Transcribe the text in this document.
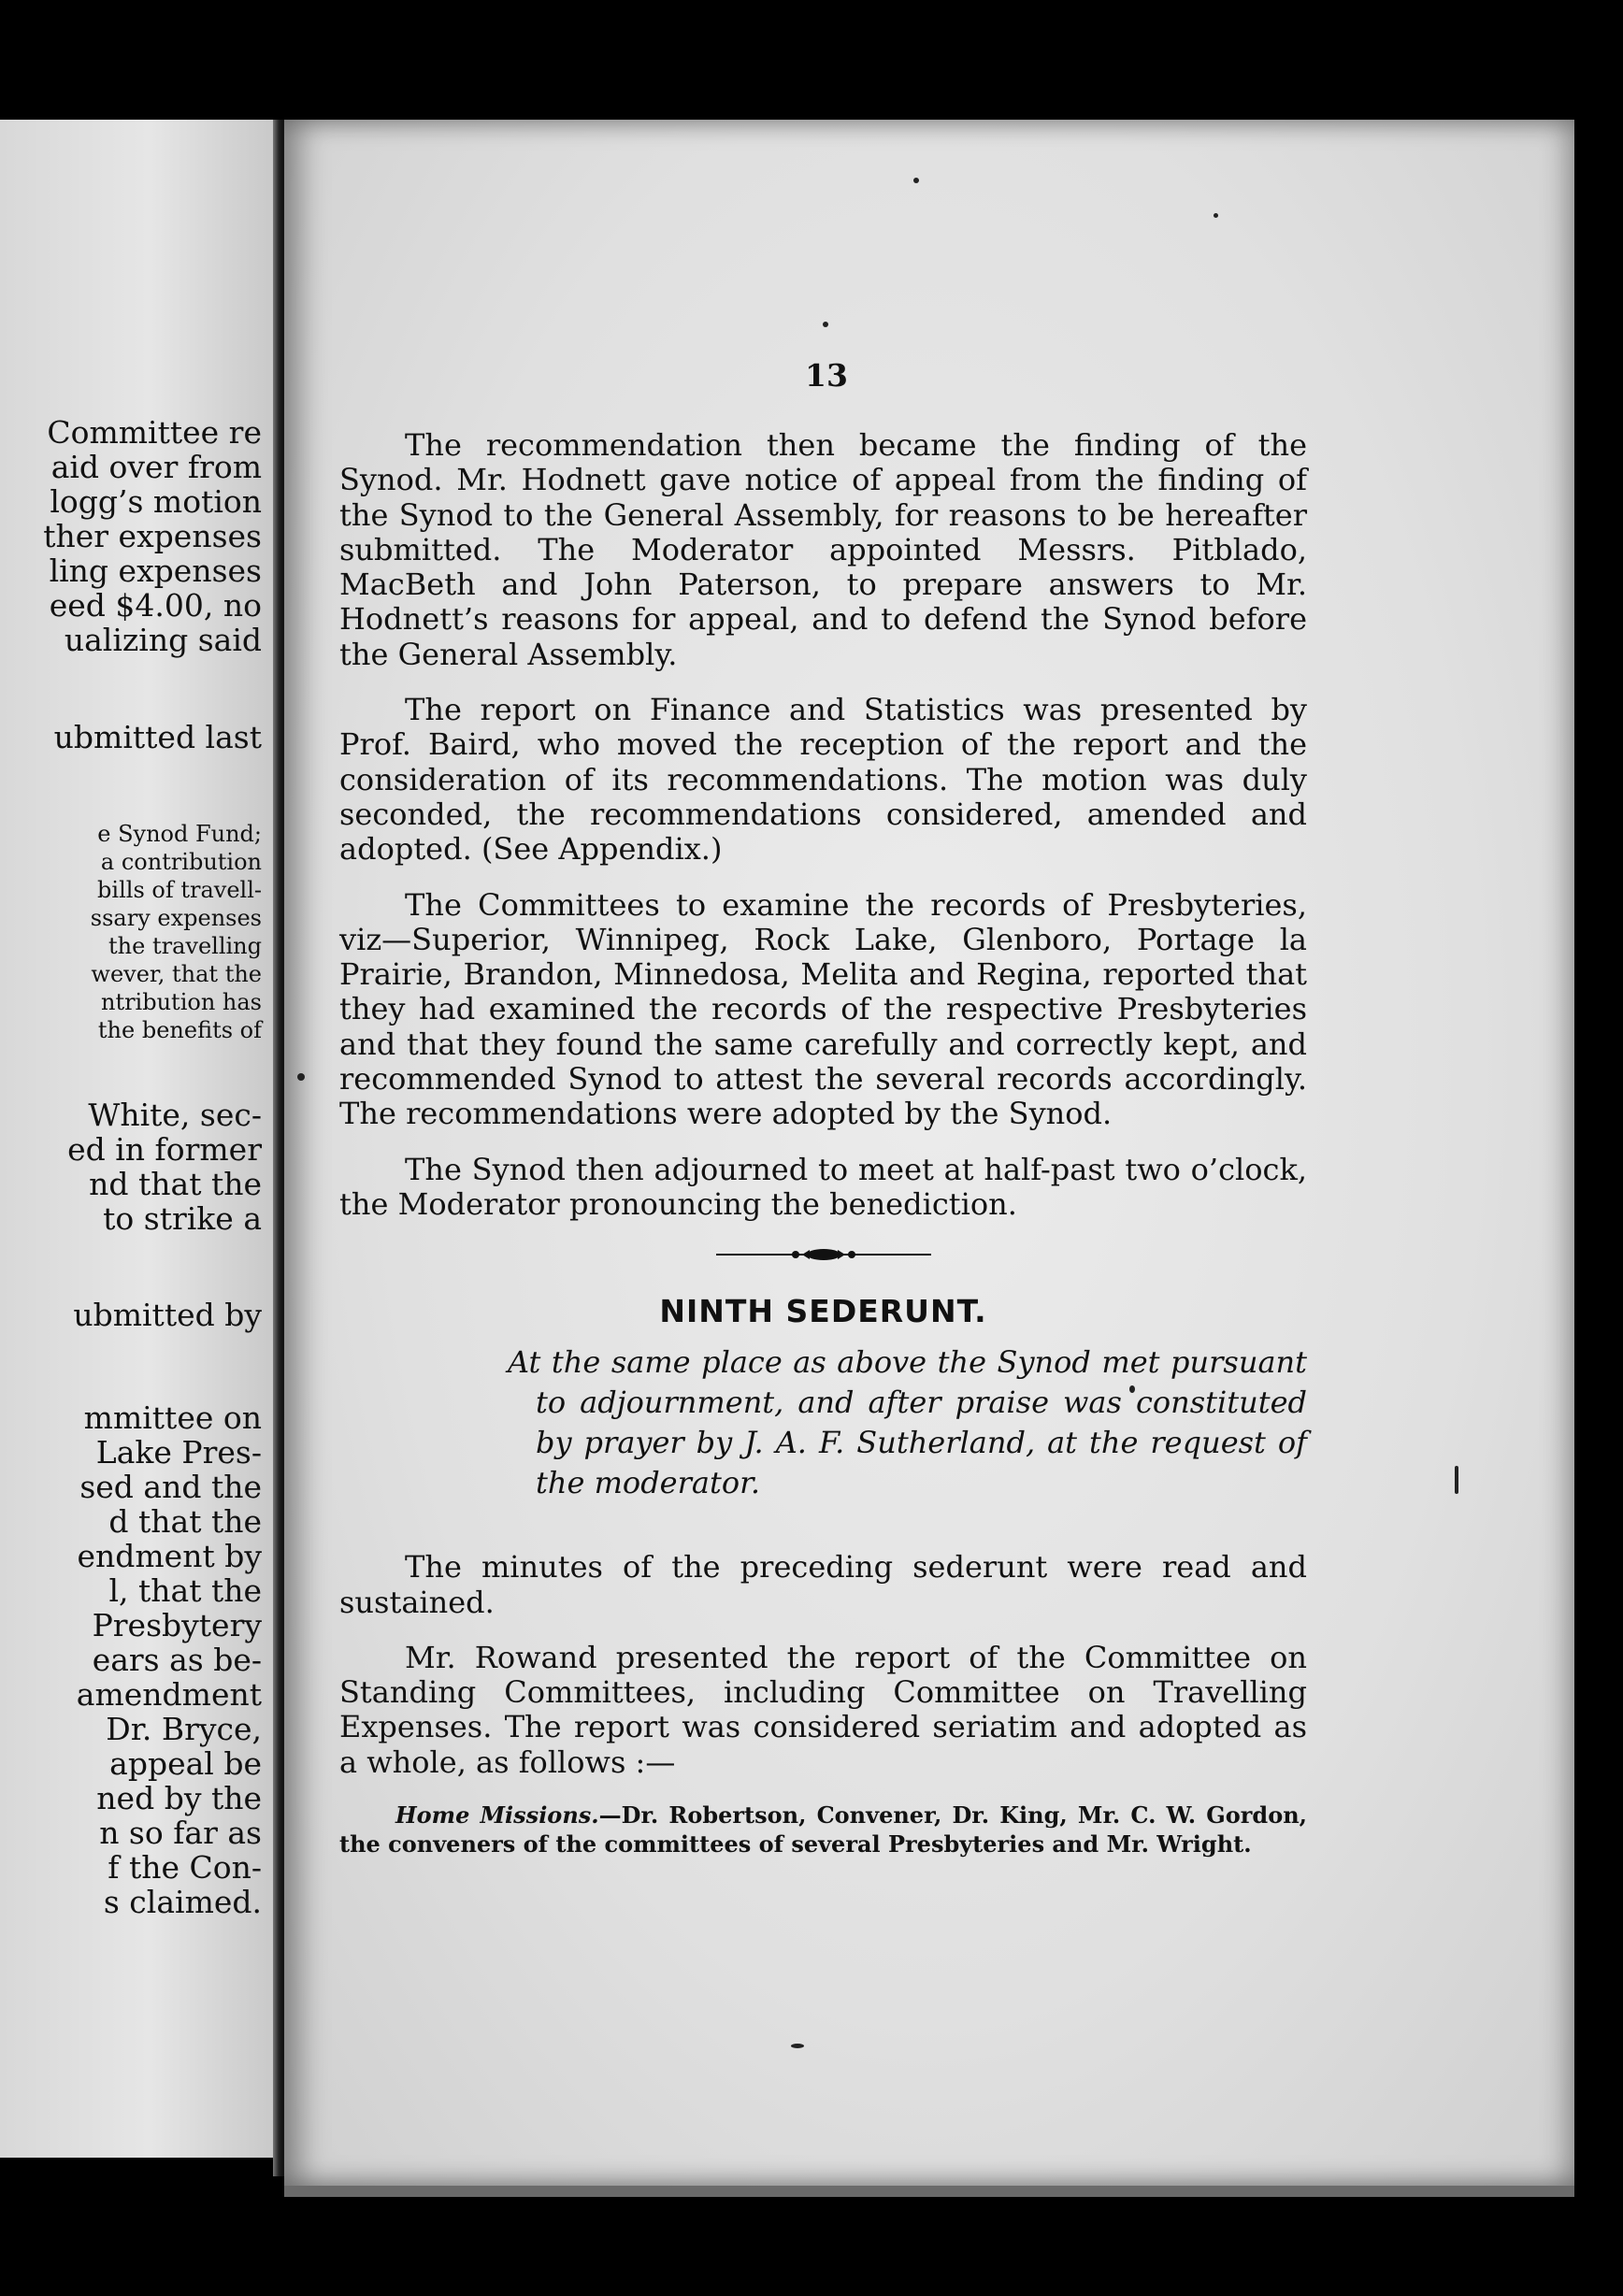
Committee re
aid over from
logg’s motion
ther expenses
ling expenses
eed $4.00, no
ualizing said
ubmitted last
e Synod Fund;
a contribution
bills of travell-
ssary expenses
the travelling
wever, that the
ntribution has
the benefits of
White, sec-
ed in former
nd that the
to strike a
ubmitted by
mmittee on
Lake Pres-
sed and the
d that the
endment by
l, that the
Presbytery
ears as be-
amendment
Dr. Bryce,
appeal be
ned by the
n so far as
f the Con-
s claimed.
13

The recommendation then became the finding of the Synod. Mr. Hodnett gave notice of appeal from the finding of the Synod to the General Assembly, for reasons to be hereafter submitted. The Moderator appointed Messrs. Pitblado, MacBeth and John Paterson, to prepare answers to Mr. Hodnett’s reasons for appeal, and to defend the Synod before the General Assembly.

The report on Finance and Statistics was presented by Prof. Baird, who moved the reception of the report and the consideration of its recommendations. The motion was duly seconded, the recommendations considered, amended and adopted. (See Appendix.)

The Committees to examine the records of Presbyteries, viz—Superior, Winnipeg, Rock Lake, Glenboro, Portage la Prairie, Brandon, Minnedosa, Melita and Regina, reported that they had examined the records of the respective Presbyteries and that they found the same carefully and correctly kept, and recommended Synod to attest the several records accordingly. The recommendations were adopted by the Synod.

The Synod then adjourned to meet at half-past two o’clock, the Moderator pronouncing the benediction.

NINTH SEDERUNT.

At the same place as above the Synod met pursuant to adjournment, and after praise was constituted by prayer by J. A. F. Sutherland, at the request of the moderator.

The minutes of the preceding sederunt were read and sustained.

Mr. Rowand presented the report of the Committee on Standing Committees, including Committee on Travelling Expenses. The report was considered seriatim and adopted as a whole, as follows :—

Home Missions.—Dr. Robertson, Convener, Dr. King, Mr. C. W. Gordon, the conveners of the committees of several Presbyteries and Mr. Wright.
